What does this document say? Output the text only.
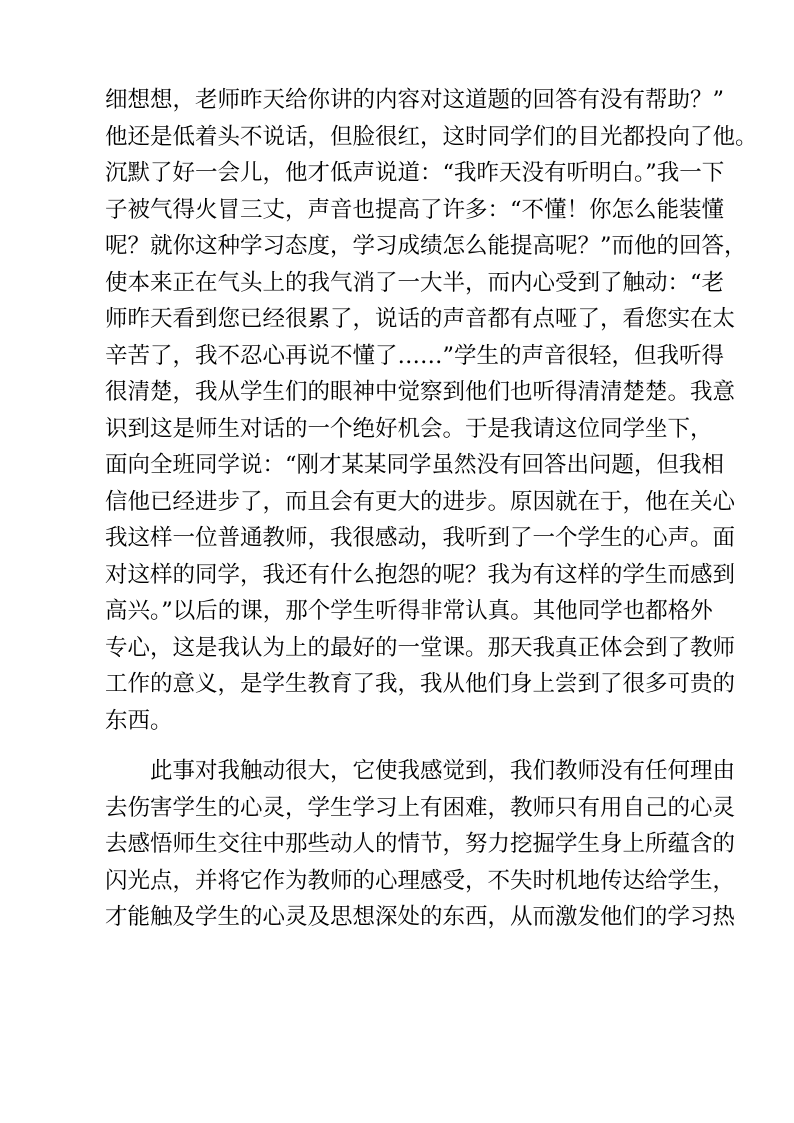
细想想，老师昨天给你讲的内容对这道题的回答有没有帮助？”
他还是低着头不说话，但脸很红，这时同学们的目光都投向了他。
沉默了好一会儿，他才低声说道：“我昨天没有听明白。”我一下
子被气得火冒三丈，声音也提高了许多：“不懂！你怎么能装懂
呢？就你这种学习态度，学习成绩怎么能提高呢？”而他的回答，
使本来正在气头上的我气消了一大半，而内心受到了触动：“老
师昨天看到您已经很累了，说话的声音都有点哑了，看您实在太
辛苦了，我不忍心再说不懂了……”学生的声音很轻，但我听得
很清楚，我从学生们的眼神中觉察到他们也听得清清楚楚。我意
识到这是师生对话的一个绝好机会。于是我请这位同学坐下，
面向全班同学说：“刚才某某同学虽然没有回答出问题，但我相
信他已经进步了，而且会有更大的进步。原因就在于，他在关心
我这样一位普通教师，我很感动，我听到了一个学生的心声。面
对这样的同学，我还有什么抱怨的呢？我为有这样的学生而感到
高兴。”以后的课，那个学生听得非常认真。其他同学也都格外
专心，这是我认为上的最好的一堂课。那天我真正体会到了教师
工作的意义，是学生教育了我，我从他们身上尝到了很多可贵的
东西。
　　此事对我触动很大，它使我感觉到，我们教师没有任何理由
去伤害学生的心灵，学生学习上有困难，教师只有用自己的心灵
去感悟师生交往中那些动人的情节，努力挖掘学生身上所蕴含的
闪光点，并将它作为教师的心理感受，不失时机地传达给学生，
才能触及学生的心灵及思想深处的东西，从而激发他们的学习热
